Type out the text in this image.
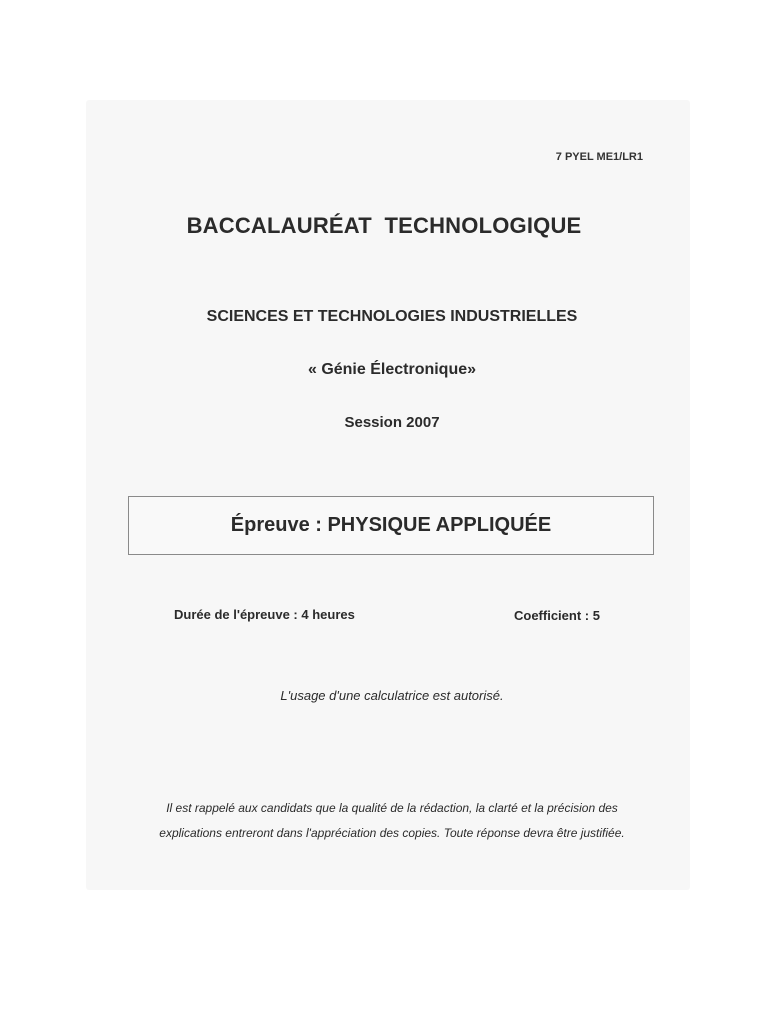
7 PYEL ME1/LR1
BACCALAURÉAT  TECHNOLOGIQUE
SCIENCES ET TECHNOLOGIES INDUSTRIELLES
« Génie Électronique»
Session 2007
Épreuve : PHYSIQUE APPLIQUÉE
Durée de l'épreuve : 4 heures	Coefficient : 5
L'usage d'une calculatrice est autorisé.
Il est rappelé aux candidats que la qualité de la rédaction, la clarté et la précision des
explications entreront dans l'appréciation des copies. Toute réponse devra être justifiée.
